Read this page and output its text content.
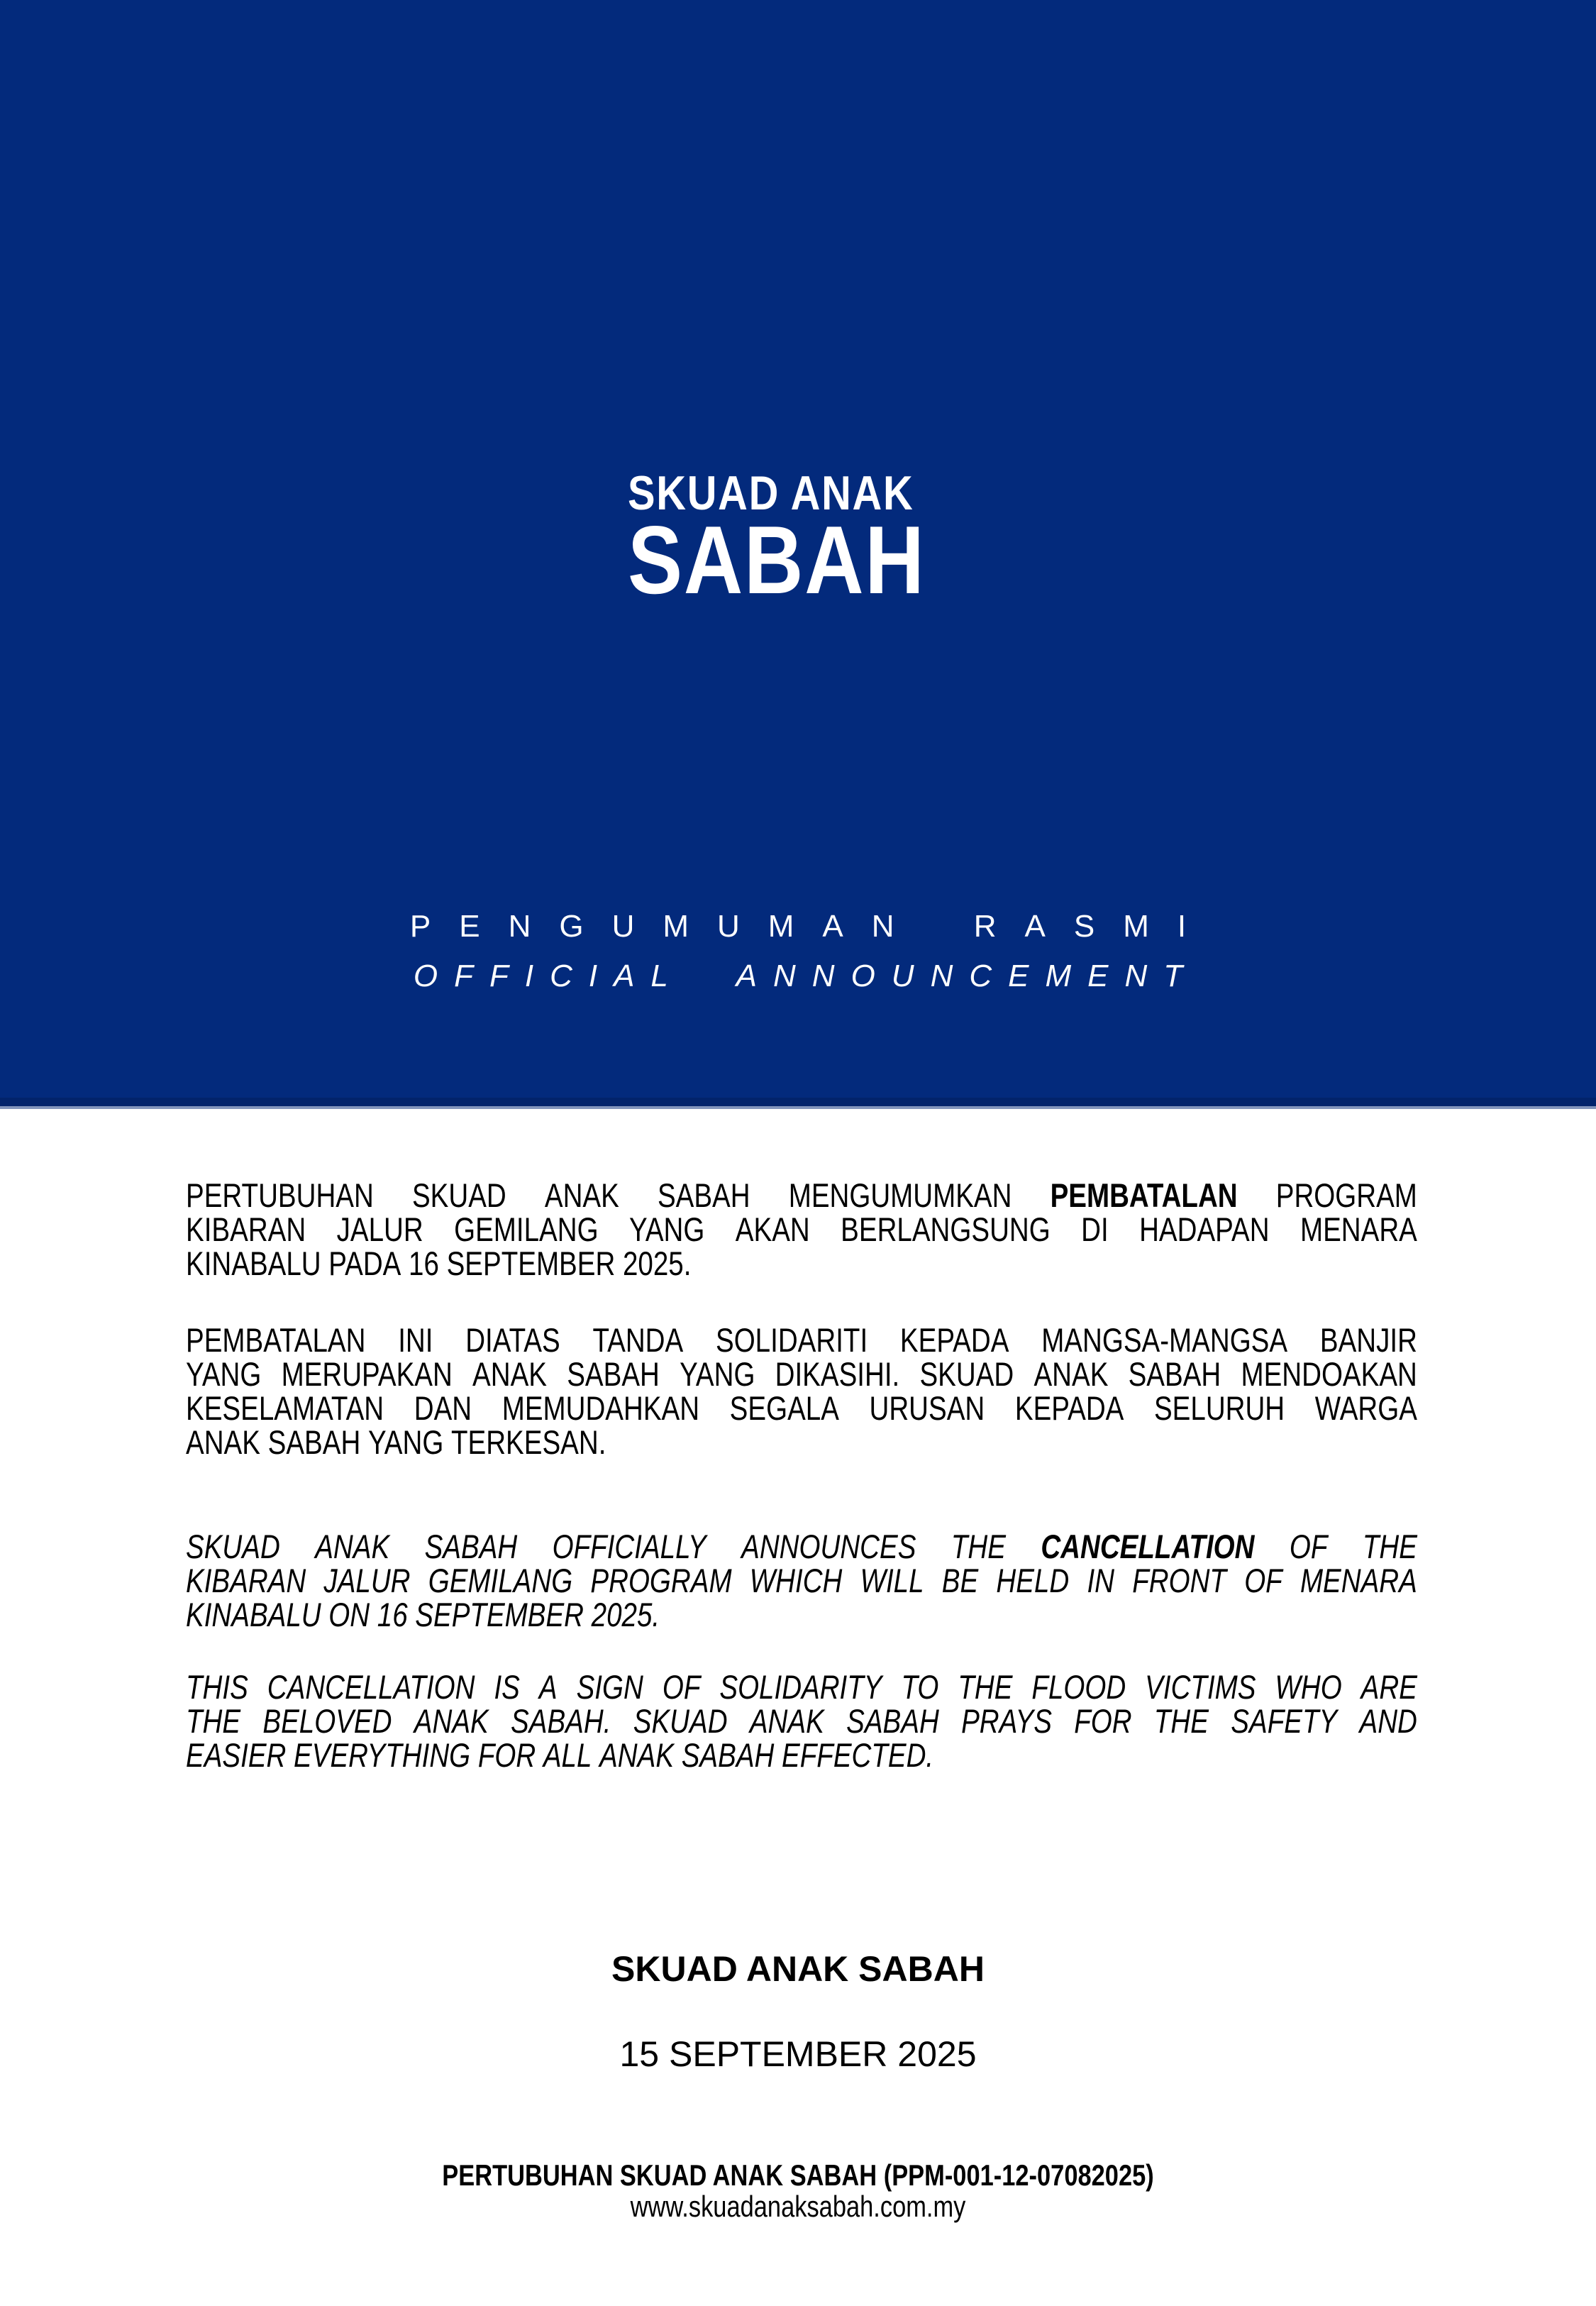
SKUAD ANAK
SABAH
PENGUMUMAN RASMI
OFFICIAL ANNOUNCEMENT
PERTUBUHAN SKUAD ANAK SABAH MENGUMUMKAN PEMBATALAN PROGRAM
KIBARAN JALUR GEMILANG YANG AKAN BERLANGSUNG DI HADAPAN MENARA
KINABALU PADA 16 SEPTEMBER 2025.
PEMBATALAN INI DIATAS TANDA SOLIDARITI KEPADA MANGSA-MANGSA BANJIR
YANG MERUPAKAN ANAK SABAH YANG DIKASIHI. SKUAD ANAK SABAH MENDOAKAN
KESELAMATAN DAN MEMUDAHKAN SEGALA URUSAN KEPADA SELURUH WARGA
ANAK SABAH YANG TERKESAN.
SKUAD ANAK SABAH OFFICIALLY ANNOUNCES THE CANCELLATION OF THE
KIBARAN JALUR GEMILANG PROGRAM WHICH WILL BE HELD IN FRONT OF MENARA
KINABALU ON 16 SEPTEMBER 2025.
THIS CANCELLATION IS A SIGN OF SOLIDARITY TO THE FLOOD VICTIMS WHO ARE
THE BELOVED ANAK SABAH. SKUAD ANAK SABAH PRAYS FOR THE SAFETY AND
EASIER EVERYTHING FOR ALL ANAK SABAH EFFECTED.
SKUAD ANAK SABAH
15 SEPTEMBER 2025
PERTUBUHAN SKUAD ANAK SABAH (PPM-001-12-07082025)
www.skuadanaksabah.com.my
